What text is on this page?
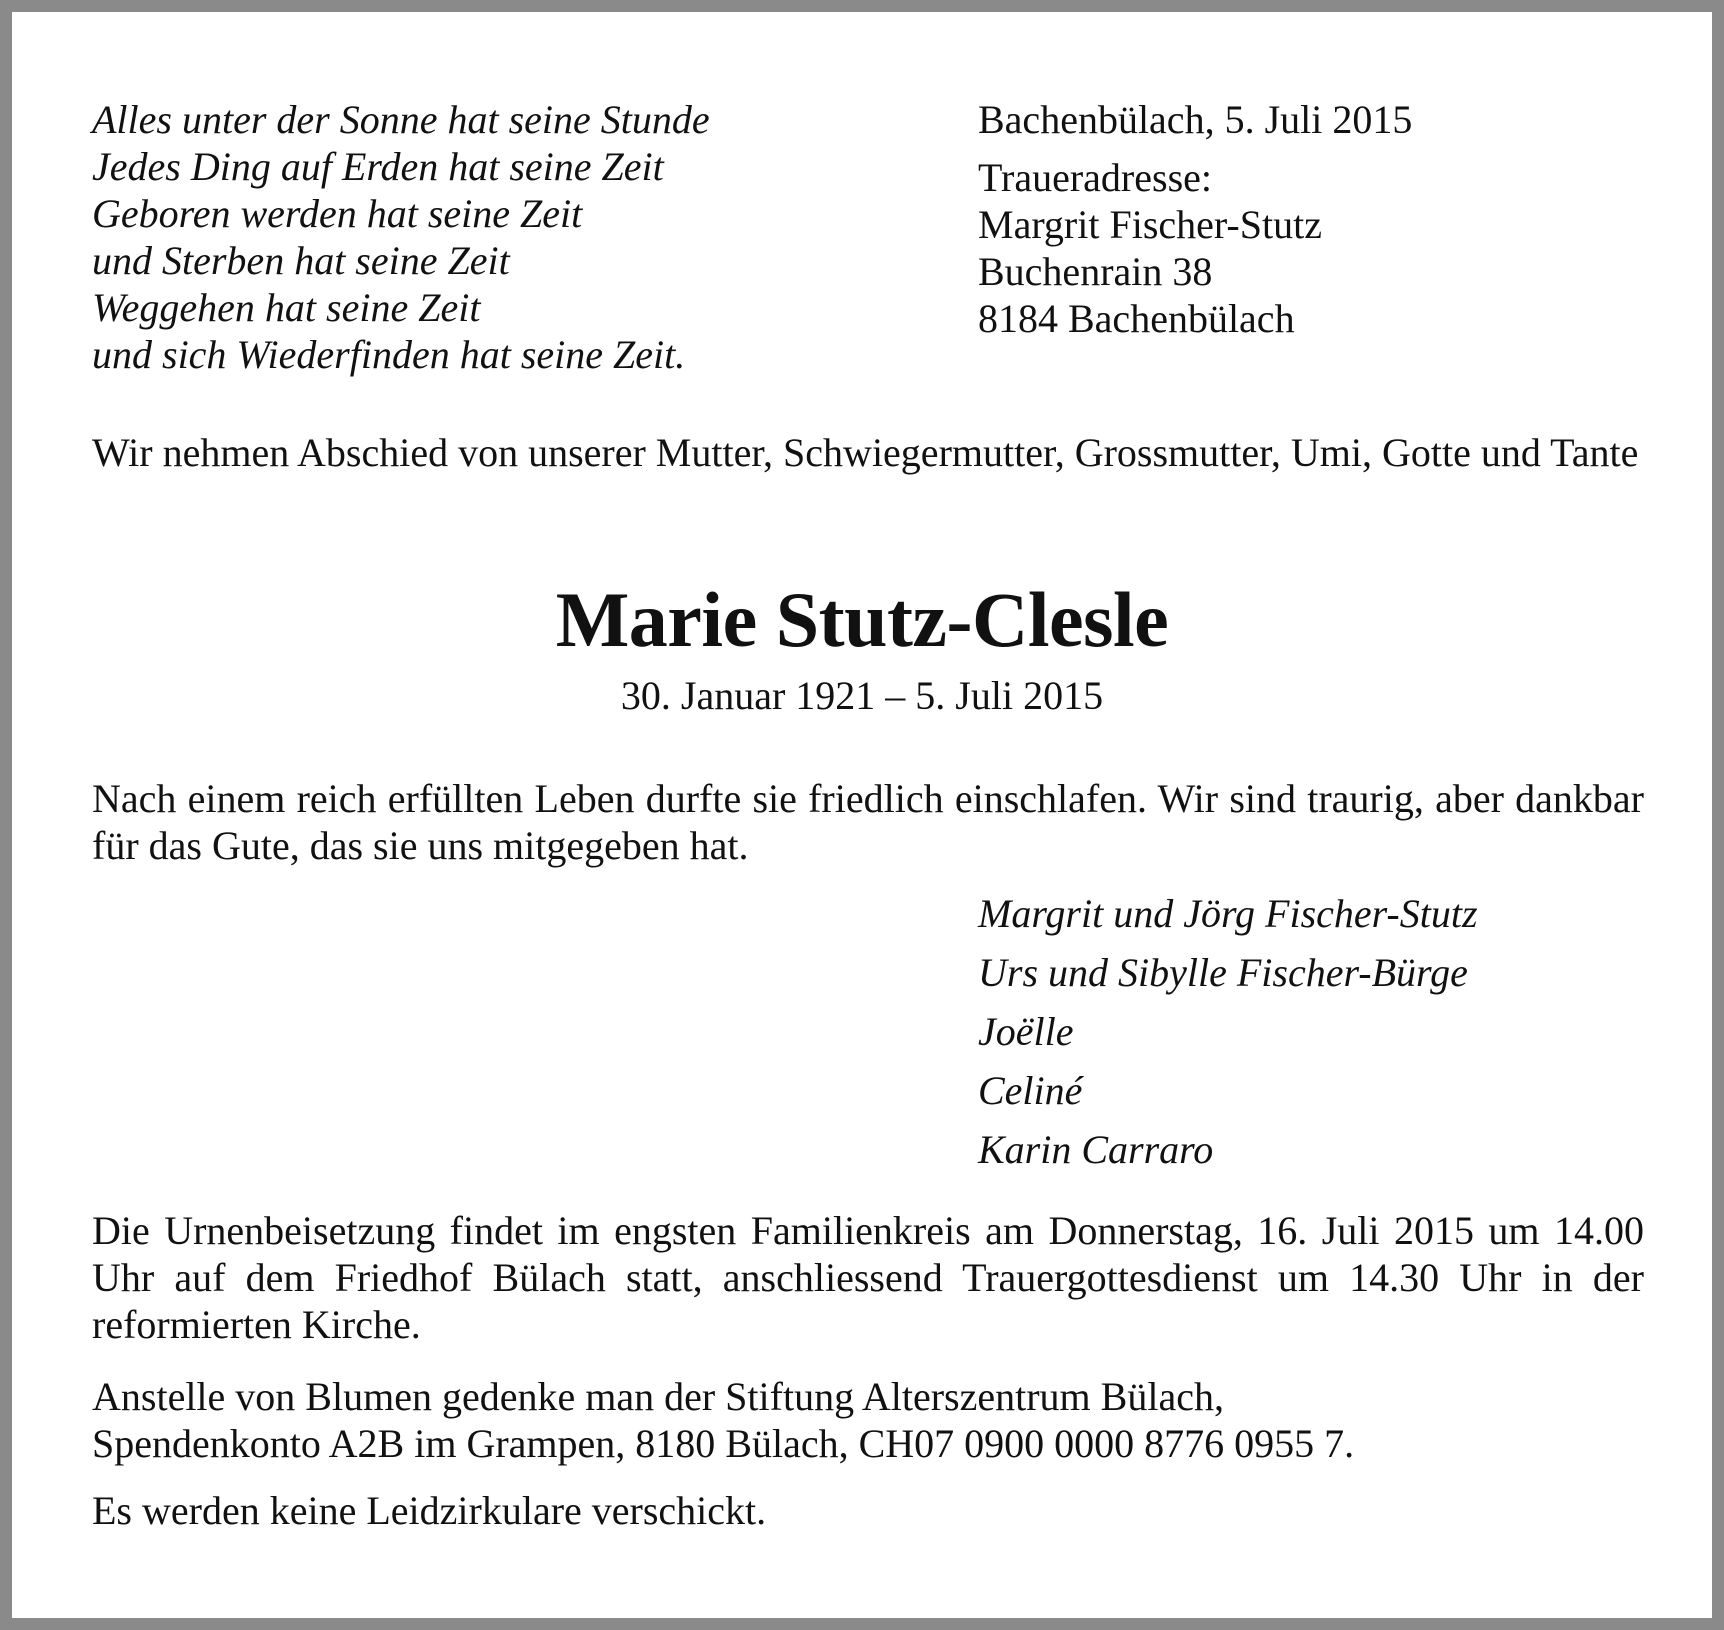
Alles unter der Sonne hat seine Stunde
Jedes Ding auf Erden hat seine Zeit
Geboren werden hat seine Zeit
und Sterben hat seine Zeit
Weggehen hat seine Zeit
und sich Wiederfinden hat seine Zeit.
Bachenbülach, 5. Juli 2015
Traueradresse:
Margrit Fischer-Stutz
Buchenrain 38
8184 Bachenbülach
Wir nehmen Abschied von unserer Mutter, Schwiegermutter, Grossmutter, Umi, Gotte und Tante
Marie Stutz-Clesle
30. Januar 1921 – 5. Juli 2015
Nach einem reich erfüllten Leben durfte sie friedlich einschlafen. Wir sind traurig, aber dankbar für das Gute, das sie uns mitgegeben hat.
Margrit und Jörg Fischer-Stutz
Urs und Sibylle Fischer-Bürge
Joëlle
Celiné
Karin Carraro
Die Urnenbeisetzung findet im engsten Familienkreis am Donnerstag, 16. Juli 2015 um 14.00 Uhr auf dem Friedhof Bülach statt, anschliessend Trauergottesdienst um 14.30 Uhr in der reformierten Kirche.
Anstelle von Blumen gedenke man der Stiftung Alterszentrum Bülach,
Spendenkonto A2B im Grampen, 8180 Bülach, CH07 0900 0000 8776 0955 7.
Es werden keine Leidzirkulare verschickt.
